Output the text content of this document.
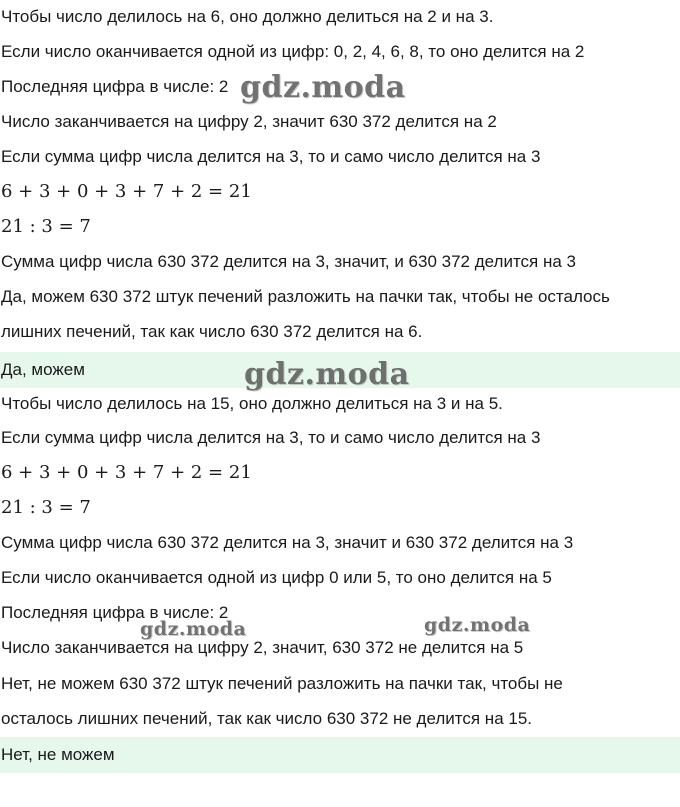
Чтобы число делилось на 6, оно должно делиться на 2 и на 3.
Если число оканчивается одной из цифр: 0, 2, 4, 6, 8, то оно делится на 2
Последняя цифра в числе: 2
Число заканчивается на цифру 2, значит 630 372 делится на 2
Если сумма цифр числа делится на 3, то и само число делится на 3
6 + 3 + 0 + 3 + 7 + 2 = 21
21 : 3 = 7
Сумма цифр числа 630 372 делится на 3, значит, и 630 372 делится на 3
Да, можем 630 372 штук печений разложить на пачки так, чтобы не осталось
лишних печений, так как число 630 372 делится на 6.
Да, можем
Чтобы число делилось на 15, оно должно делиться на 3 и на 5.
Если сумма цифр числа делится на 3, то и само число делится на 3
6 + 3 + 0 + 3 + 7 + 2 = 21
21 : 3 = 7
Сумма цифр числа 630 372 делится на 3, значит и 630 372 делится на 3
Если число оканчивается одной из цифр 0 или 5, то оно делится на 5
Последняя цифра в числе: 2
Число заканчивается на цифру 2, значит, 630 372 не делится на 5
Нет, не можем 630 372 штук печений разложить на пачки так, чтобы не
осталось лишних печений, так как число 630 372 не делится на 15.
Нет, не можем
gdz.moda
gdz.moda
gdz.moda	gdz.moda
